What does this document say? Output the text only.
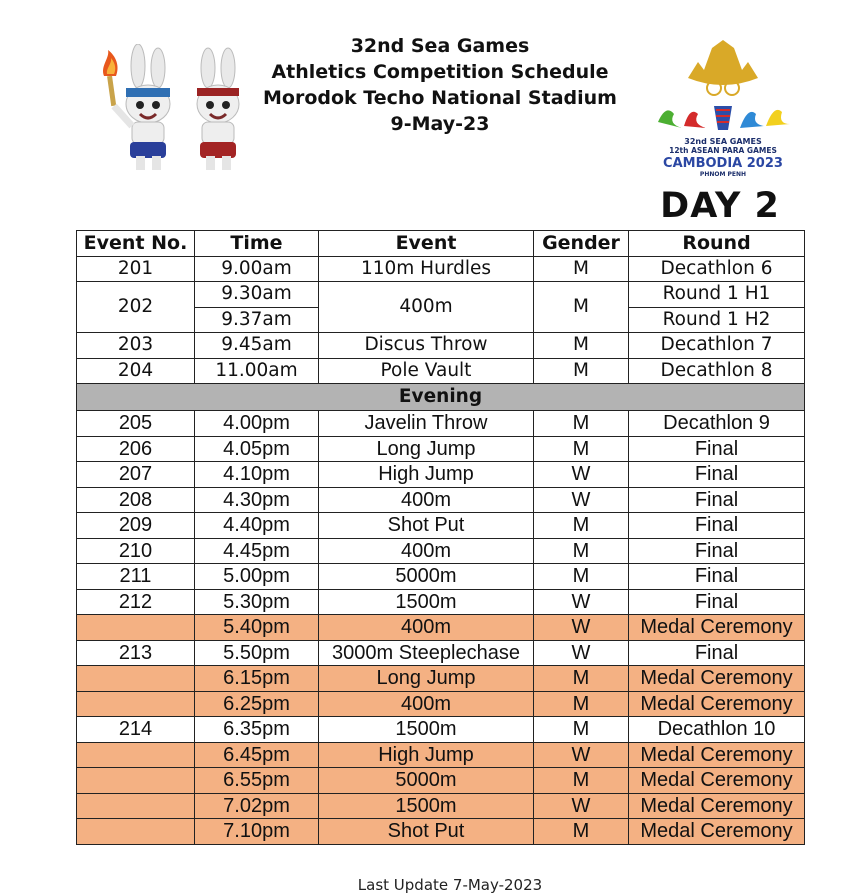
32nd Sea Games
Athletics Competition Schedule
Morodok Techo National Stadium
9-May-23
32nd SEA GAMES
12th ASEAN PARA GAMES
CAMBODIA 2023
PHNOM PENH
DAY 2
Event No.	Time	Event	Gender	Round
201	9.00am	110m Hurdles	M	Decathlon 6
202	9.30am	400m	M	Round 1 H1
	9.37am			Round 1 H2
203	9.45am	Discus Throw	M	Decathlon 7
204	11.00am	Pole Vault	M	Decathlon 8
Evening				
205	4.00pm	Javelin Throw	M	Decathlon 9
206	4.05pm	Long Jump	M	Final
207	4.10pm	High Jump	W	Final
208	4.30pm	400m	W	Final
209	4.40pm	Shot Put	M	Final
210	4.45pm	400m	M	Final
211	5.00pm	5000m	M	Final
212	5.30pm	1500m	W	Final
	5.40pm	400m	W	Medal Ceremony
213	5.50pm	3000m Steeplechase	W	Final
	6.15pm	Long Jump	M	Medal Ceremony
	6.25pm	400m	M	Medal Ceremony
214	6.35pm	1500m	M	Decathlon 10
	6.45pm	High Jump	W	Medal Ceremony
	6.55pm	5000m	M	Medal Ceremony
	7.02pm	1500m	W	Medal Ceremony
	7.10pm	Shot Put	M	Medal Ceremony
Last Update 7-May-2023
